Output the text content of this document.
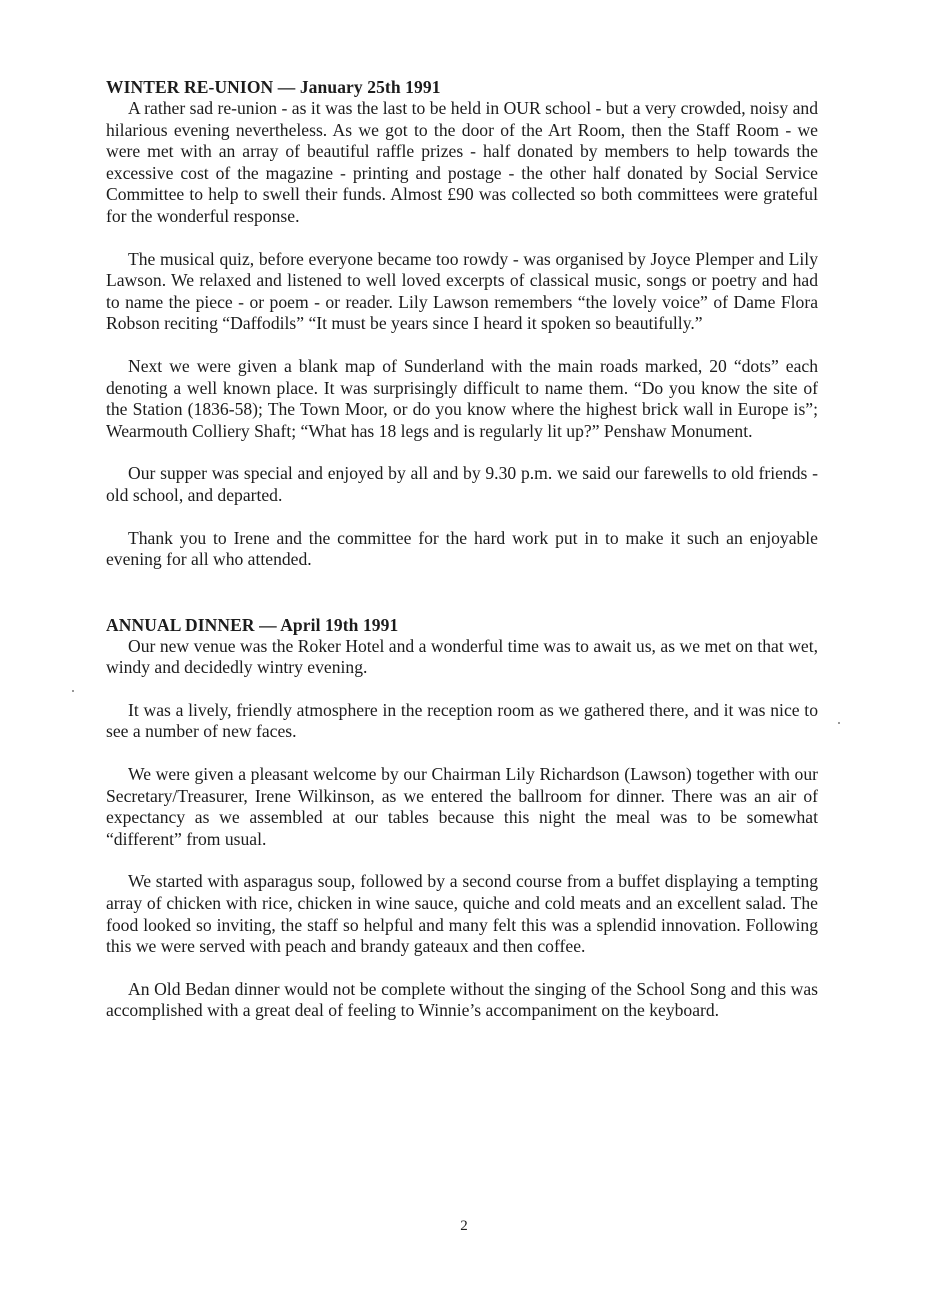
WINTER RE-UNION — January 25th 1991

A rather sad re-union - as it was the last to be held in OUR school - but a very crowded, noisy and hilarious evening nevertheless. As we got to the door of the Art Room, then the Staff Room - we were met with an array of beautiful raffle prizes - half donated by members to help towards the excessive cost of the magazine - printing and postage - the other half donated by Social Service Committee to help to swell their funds. Almost £90 was collected so both committees were grateful for the wonderful response.

The musical quiz, before everyone became too rowdy - was organised by Joyce Plemper and Lily Lawson. We relaxed and listened to well loved excerpts of classical music, songs or poetry and had to name the piece - or poem - or reader. Lily Lawson remembers “the lovely voice” of Dame Flora Robson reciting “Daffodils” “It must be years since I heard it spoken so beautifully.”

Next we were given a blank map of Sunderland with the main roads marked, 20 “dots” each denoting a well known place. It was surprisingly difficult to name them. “Do you know the site of the Station (1836-58); The Town Moor, or do you know where the highest brick wall in Europe is”; Wearmouth Colliery Shaft; “What has 18 legs and is regularly lit up?” Penshaw Monument.

Our supper was special and enjoyed by all and by 9.30 p.m. we said our farewells to old friends - old school, and departed.

Thank you to Irene and the committee for the hard work put in to make it such an enjoyable evening for all who attended.

ANNUAL DINNER — April 19th 1991

Our new venue was the Roker Hotel and a wonderful time was to await us, as we met on that wet, windy and decidedly wintry evening.

It was a lively, friendly atmosphere in the reception room as we gathered there, and it was nice to see a number of new faces.

We were given a pleasant welcome by our Chairman Lily Richardson (Lawson) together with our Secretary/Treasurer, Irene Wilkinson, as we entered the ballroom for dinner. There was an air of expectancy as we assembled at our tables because this night the meal was to be somewhat “different” from usual.

We started with asparagus soup, followed by a second course from a buffet displaying a tempting array of chicken with rice, chicken in wine sauce, quiche and cold meats and an excellent salad. The food looked so inviting, the staff so helpful and many felt this was a splendid innovation. Following this we were served with peach and brandy gateaux and then coffee.

An Old Bedan dinner would not be complete without the singing of the School Song and this was accomplished with a great deal of feeling to Winnie’s accompaniment on the keyboard.

2
